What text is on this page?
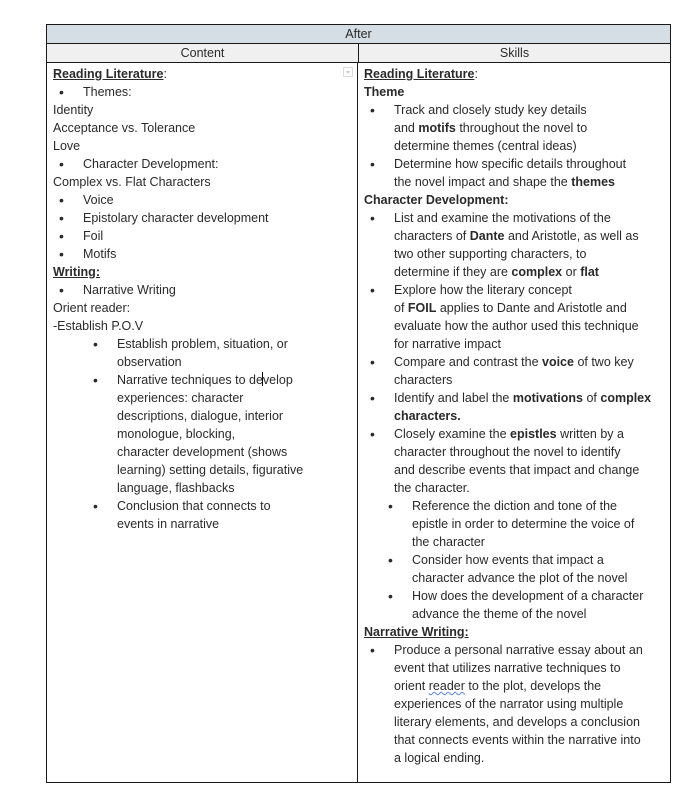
After
Content	Skills
Reading Literature:
• Themes:
Identity
Acceptance vs. Tolerance
Love
• Character Development:
Complex vs. Flat Characters
• Voice
• Epistolary character development
• Foil
• Motifs
Writing:
• Narrative Writing
Orient reader:
-Establish P.O.V
• Establish problem, situation, or
observation
• Narrative techniques to develop
experiences: character
descriptions, dialogue, interior
monologue, blocking,
character development (shows
learning) setting details, figurative
language, flashbacks
• Conclusion that connects to
events in narrative
Reading Literature:
Theme
• Track and closely study key details
and motifs throughout the novel to
determine themes (central ideas)
• Determine how specific details throughout
the novel impact and shape the themes
Character Development:
• List and examine the motivations of the
characters of Dante and Aristotle, as well as
two other supporting characters, to
determine if they are complex or flat
• Explore how the literary concept
of FOIL applies to Dante and Aristotle and
evaluate how the author used this technique
for narrative impact
• Compare and contrast the voice of two key
characters
• Identify and label the motivations of complex
characters.
• Closely examine the epistles written by a
character throughout the novel to identify
and describe events that impact and change
the character.
• Reference the diction and tone of the
epistle in order to determine the voice of
the character
• Consider how events that impact a
character advance the plot of the novel
• How does the development of a character
advance the theme of the novel
Narrative Writing:
• Produce a personal narrative essay about an
event that utilizes narrative techniques to
orient reader to the plot, develops the
experiences of the narrator using multiple
literary elements, and develops a conclusion
that connects events within the narrative into
a logical ending.
